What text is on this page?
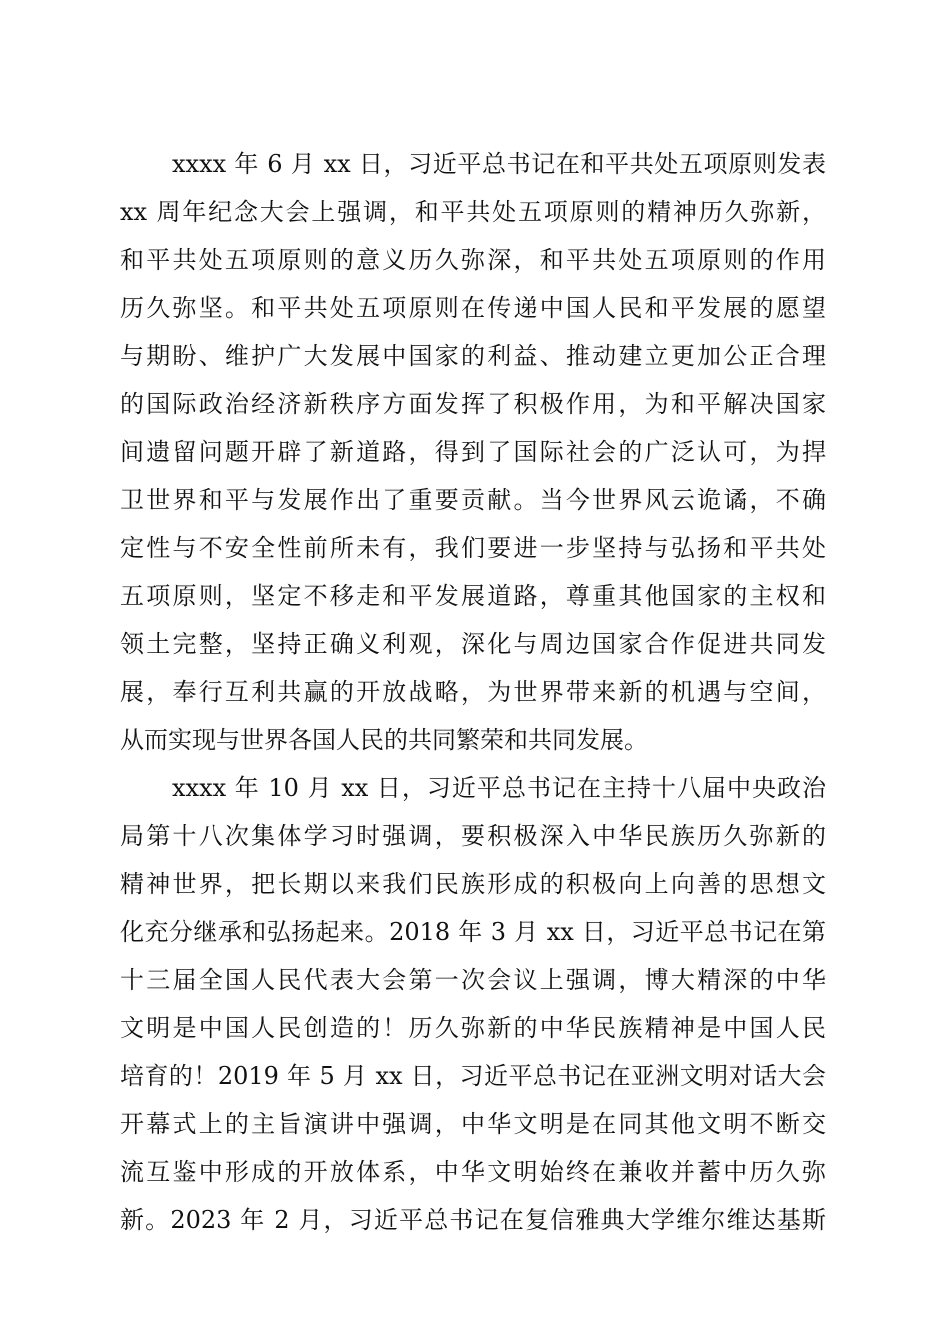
xxxx 年 6 月 xx 日，习近平总书记在和平共处五项原则发表
xx 周年纪念大会上强调，和平共处五项原则的精神历久弥新，
和平共处五项原则的意义历久弥深，和平共处五项原则的作用
历久弥坚。和平共处五项原则在传递中国人民和平发展的愿望
与期盼、维护广大发展中国家的利益、推动建立更加公正合理
的国际政治经济新秩序方面发挥了积极作用，为和平解决国家
间遗留问题开辟了新道路，得到了国际社会的广泛认可，为捍
卫世界和平与发展作出了重要贡献。当今世界风云诡谲，不确
定性与不安全性前所未有，我们要进一步坚持与弘扬和平共处
五项原则，坚定不移走和平发展道路，尊重其他国家的主权和
领土完整，坚持正确义利观，深化与周边国家合作促进共同发
展，奉行互利共赢的开放战略，为世界带来新的机遇与空间，
从而实现与世界各国人民的共同繁荣和共同发展。
xxxx 年 10 月 xx 日，习近平总书记在主持十八届中央政治
局第十八次集体学习时强调，要积极深入中华民族历久弥新的
精神世界，把长期以来我们民族形成的积极向上向善的思想文
化充分继承和弘扬起来。2018 年 3 月 xx 日，习近平总书记在第
十三届全国人民代表大会第一次会议上强调，博大精深的中华
文明是中国人民创造的！历久弥新的中华民族精神是中国人民
培育的！2019 年 5 月 xx 日，习近平总书记在亚洲文明对话大会
开幕式上的主旨演讲中强调，中华文明是在同其他文明不断交
流互鉴中形成的开放体系，中华文明始终在兼收并蓄中历久弥
新。2023 年 2 月，习近平总书记在复信雅典大学维尔维达基斯
